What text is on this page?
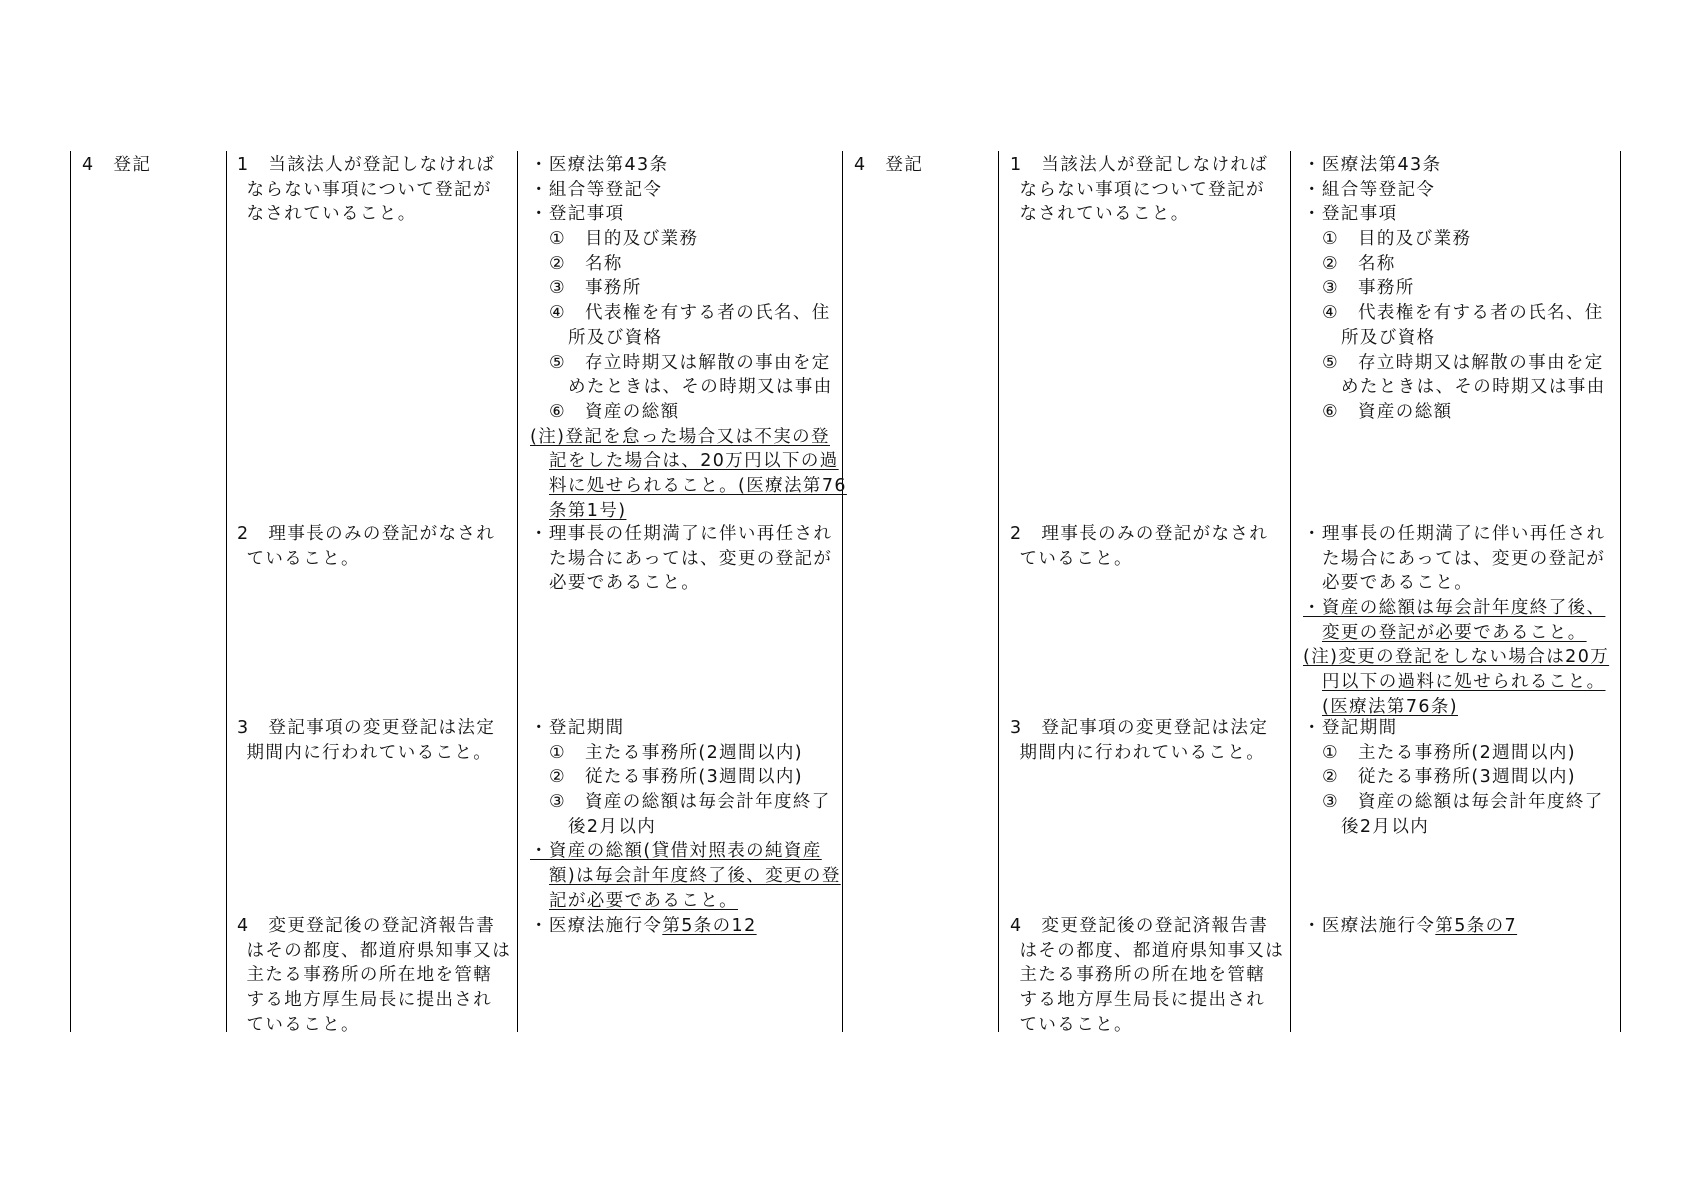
4　登記	4　登記
1　当該法人が登記しなければ
ならない事項について登記が
なされていること。
・医療法第43条
・組合等登記令
・登記事項
①　目的及び業務
②　名称
③　事務所
④　代表権を有する者の氏名、住
所及び資格
⑤　存立時期又は解散の事由を定
めたときは、その時期又は事由
⑥　資産の総額
(注)登記を怠った場合又は不実の登
記をした場合は、20万円以下の過
料に処せられること。(医療法第76
条第1号)
2　理事長のみの登記がなされ
ていること。
・理事長の任期満了に伴い再任され
た場合にあっては、変更の登記が
必要であること。
3　登記事項の変更登記は法定
期間内に行われていること。
・登記期間
①　主たる事務所(2週間以内)
②　従たる事務所(3週間以内)
③　資産の総額は毎会計年度終了
後2月以内
・資産の総額(貸借対照表の純資産
額)は毎会計年度終了後、変更の登
記が必要であること。
4　変更登記後の登記済報告書
はその都度、都道府県知事又は
主たる事務所の所在地を管轄
する地方厚生局長に提出され
ていること。
・医療法施行令第5条の12
1　当該法人が登記しなければ
ならない事項について登記が
なされていること。
・医療法第43条
・組合等登記令
・登記事項
①　目的及び業務
②　名称
③　事務所
④　代表権を有する者の氏名、住
所及び資格
⑤　存立時期又は解散の事由を定
めたときは、その時期又は事由
⑥　資産の総額
2　理事長のみの登記がなされ
ていること。
・理事長の任期満了に伴い再任され
た場合にあっては、変更の登記が
必要であること。
・資産の総額は毎会計年度終了後、
変更の登記が必要であること。
(注)変更の登記をしない場合は20万
円以下の過料に処せられること。
(医療法第76条)
3　登記事項の変更登記は法定
期間内に行われていること。
・登記期間
①　主たる事務所(2週間以内)
②　従たる事務所(3週間以内)
③　資産の総額は毎会計年度終了
後2月以内
4　変更登記後の登記済報告書
はその都度、都道府県知事又は
主たる事務所の所在地を管轄
する地方厚生局長に提出され
ていること。
・医療法施行令第5条の7
